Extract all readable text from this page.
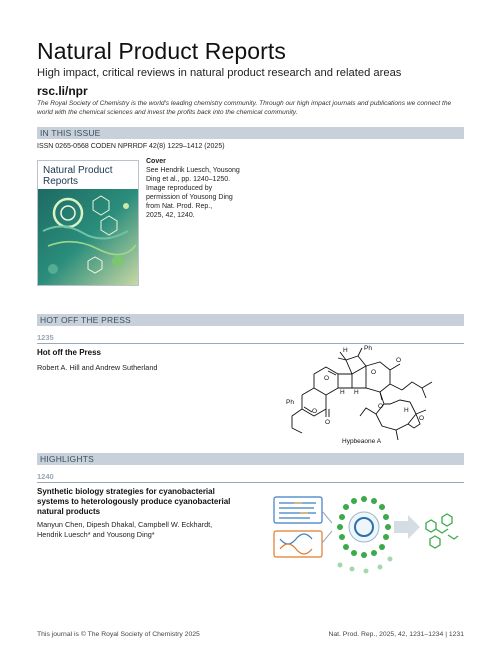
Natural Product Reports
High impact, critical reviews in natural product research and related areas
rsc.li/npr
The Royal Society of Chemistry is the world's leading chemistry community. Through our high impact journals and publications we connect the world with the chemical sciences and invest the profits back into the chemical community.
IN THIS ISSUE
ISSN 0265-0568 CODEN NPRRDF 42(8) 1229–1412 (2025)
Natural Product
Reports
Cover
See Hendrik Luesch, Yousong
Ding et al., pp. 1240–1250.
Image reproduced by
permission of Yousong Ding
from Nat. Prod. Rep.,
2025, 42, 1240.
HOT OFF THE PRESS
1235
Hot off the Press
Robert A. Hill and Andrew Sutherland
H	Ph
H H
O
O
O
O
O
O
O
H
Ph
Hypbeaone A
HIGHLIGHTS
1240
Synthetic biology strategies for cyanobacterial
systems to heterologously produce cyanobacterial
natural products
Manyun Chen, Dipesh Dhakal, Campbell W. Eckhardt,
Hendrik Luesch* and Yousong Ding*
This journal is © The Royal Society of Chemistry 2025	Nat. Prod. Rep., 2025, 42, 1231–1234 | 1231
